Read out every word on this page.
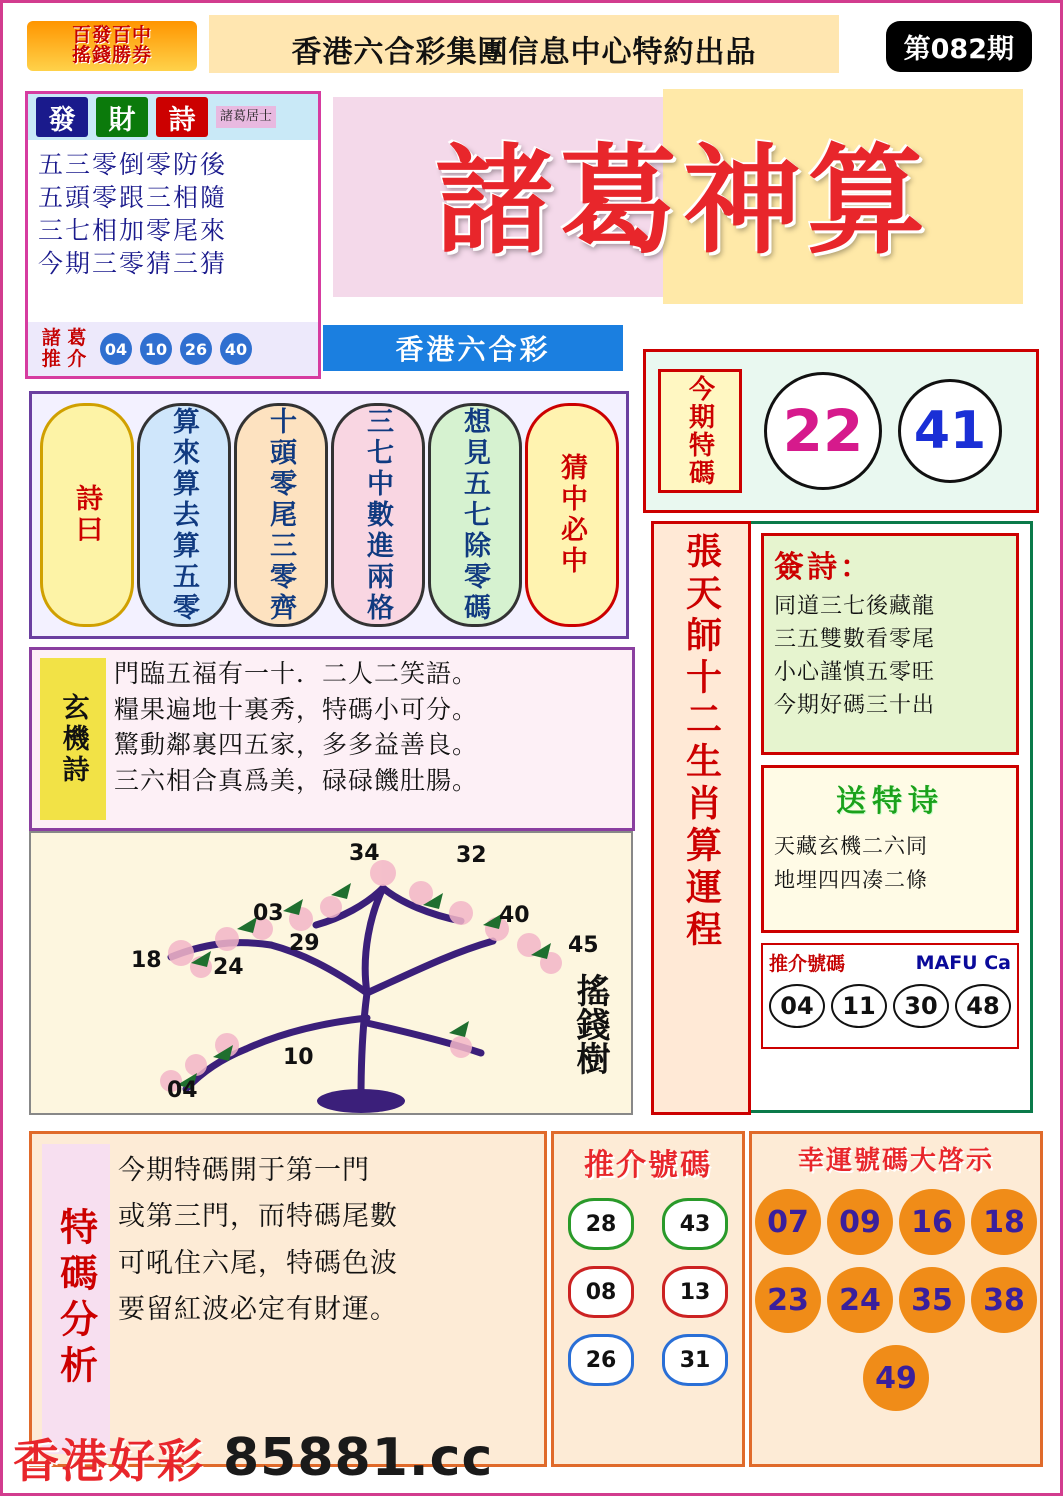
百發百中
搖錢勝券	香港六合彩集團信息中心特約出品	第082期
發	財	詩	諸葛居士
五三零倒零防後
五頭零跟三相隨
三七相加零尾來
今期三零猜三猜
諸 葛
推 介	04	10	26	40
諸葛神算
香港六合彩
詩曰 算來算去算五零 十頭零尾三零齊 三七中數進兩格 想見五七除零碼 猜中必中
今期特碼	22 41
玄機詩
門臨五福有一十．二人二笑語。
糧果遍地十裏秀，特碼小可分。
驚動鄰裏四五家，多多益善良。
三六相合真爲美，碌碌饑肚腸。
34	32
03	40
29	45
18 24
10
04
搖錢樹
張天師十二生肖算運程 簽詩：
同道三七後藏龍
三五雙數看零尾
小心謹慎五零旺
今期好碼三十出
送特诗
天藏玄機二六同
地埋四四凑二條
推介號碼	MAFU Ca
04	11	30	48
特碼分析
今期特碼開于第一門
或第三門，而特碼尾數
可吼住六尾，特碼色波
要留紅波必定有財運。
推介號碼
28	43
08	13
26	31
幸運號碼大啓示
07	09	16	18
23	24	35	38
49
香港好彩 85881.cc
